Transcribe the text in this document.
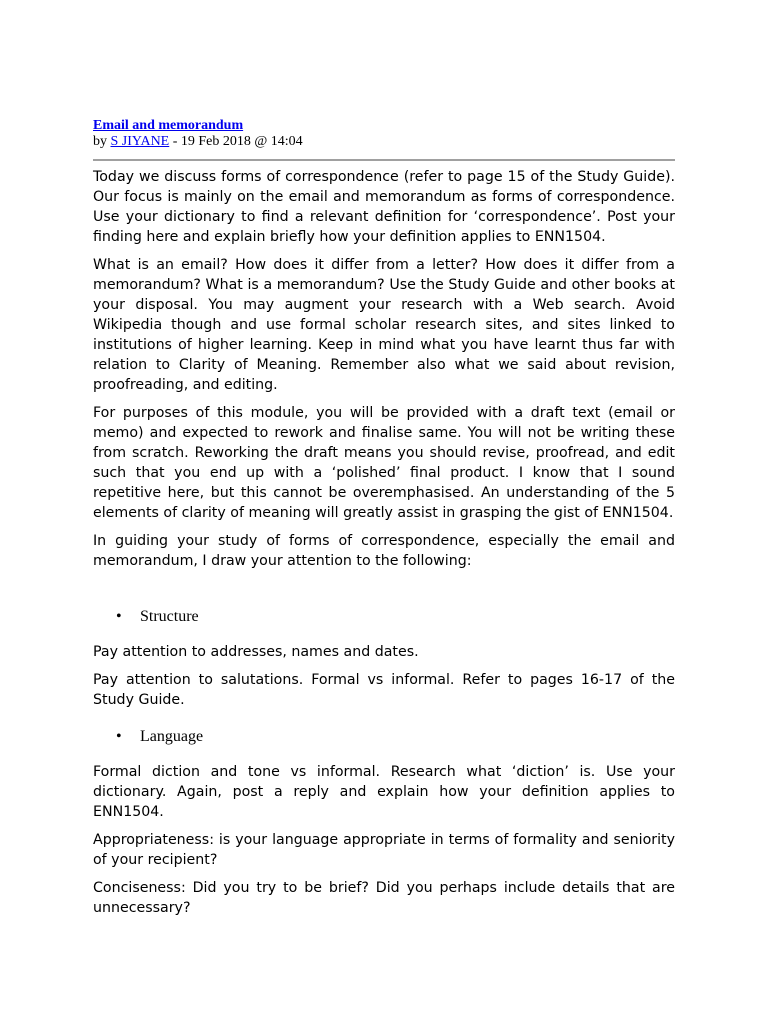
Email and memorandum
by S JIYANE - 19 Feb 2018 @ 14:04

Today we discuss forms of correspondence (refer to page 15 of the Study Guide). Our focus is mainly on the email and memorandum as forms of correspondence. Use your dictionary to find a relevant definition for ‘correspondence’. Post your finding here and explain briefly how your definition applies to ENN1504.

What is an email? How does it differ from a letter? How does it differ from a memorandum? What is a memorandum? Use the Study Guide and other books at your disposal. You may augment your research with a Web search. Avoid Wikipedia though and use formal scholar research sites, and sites linked to institutions of higher learning. Keep in mind what you have learnt thus far with relation to Clarity of Meaning. Remember also what we said about revision, proofreading, and editing.

For purposes of this module, you will be provided with a draft text (email or memo) and expected to rework and finalise same. You will not be writing these from scratch. Reworking the draft means you should revise, proofread, and edit such that you end up with a ‘polished’ final product. I know that I sound repetitive here, but this cannot be overemphasised. An understanding of the 5 elements of clarity of meaning will greatly assist in grasping the gist of ENN1504.

In guiding your study of forms of correspondence, especially the email and memorandum, I draw your attention to the following:

• Structure

Pay attention to addresses, names and dates.

Pay attention to salutations. Formal vs informal. Refer to pages 16-17 of the Study Guide.

• Language

Formal diction and tone vs informal. Research what ‘diction’ is. Use your dictionary. Again, post a reply and explain how your definition applies to ENN1504.

Appropriateness: is your language appropriate in terms of formality and seniority of your recipient?

Conciseness: Did you try to be brief? Did you perhaps include details that are unnecessary?
